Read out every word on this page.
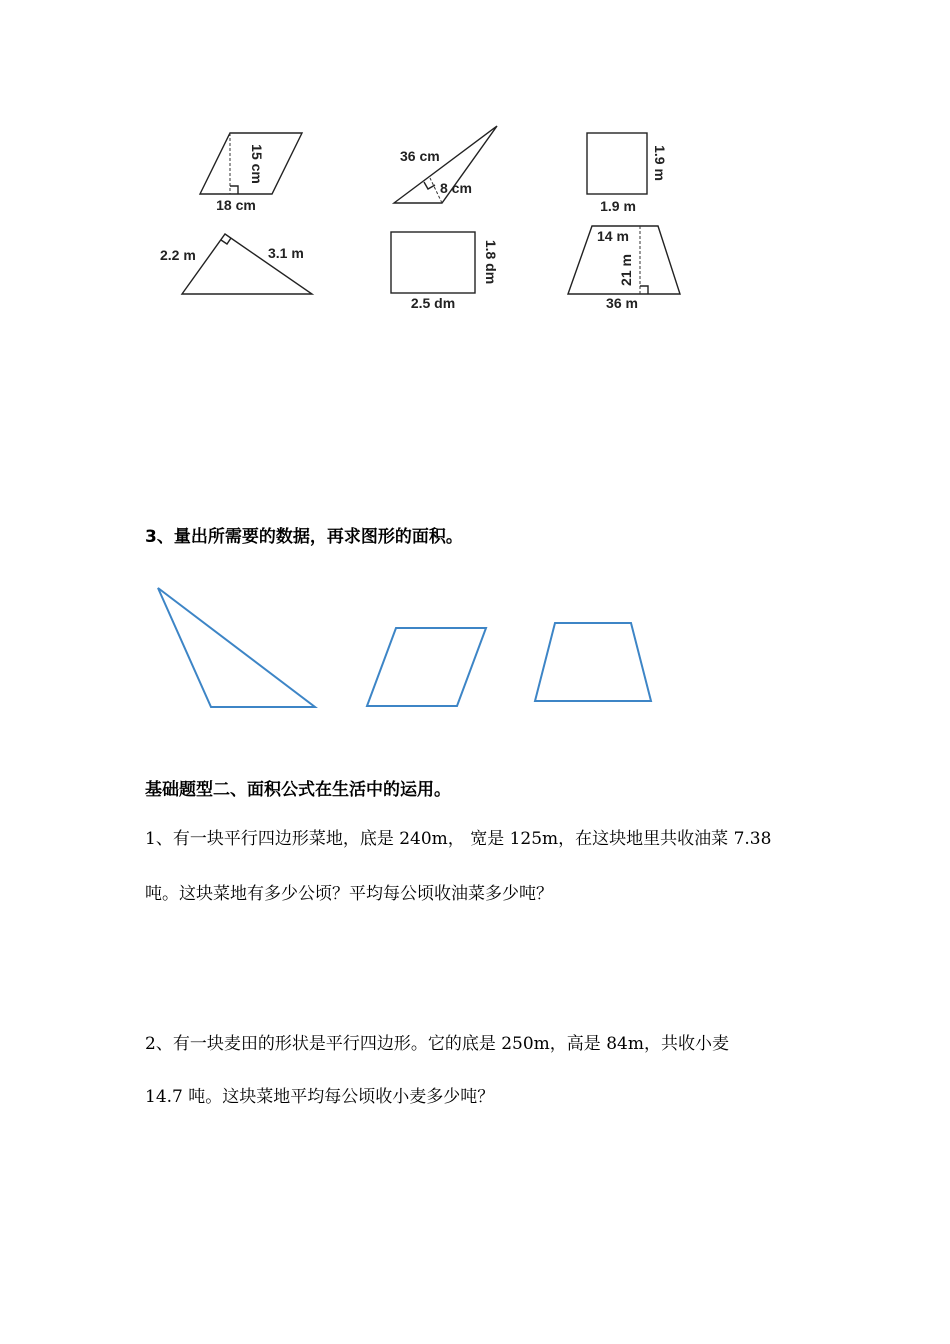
15 cm
18 cm
36 cm
8 cm
1.9 m
1.9 m
2.2 m	3.1 m	1.8 dm
2.5 dm
14 m
21 m
36 m
3、量出所需要的数据，再求图形的面积。
基础题型二、面积公式在生活中的运用。
1、有一块平行四边形菜地，底是 240m， 宽是 125m，在这块地里共收油菜 7.38
吨。这块菜地有多少公顷？平均每公顷收油菜多少吨？
2、有一块麦田的形状是平行四边形。它的底是 250m，高是 84m，共收小麦
14.7 吨。这块菜地平均每公顷收小麦多少吨？
